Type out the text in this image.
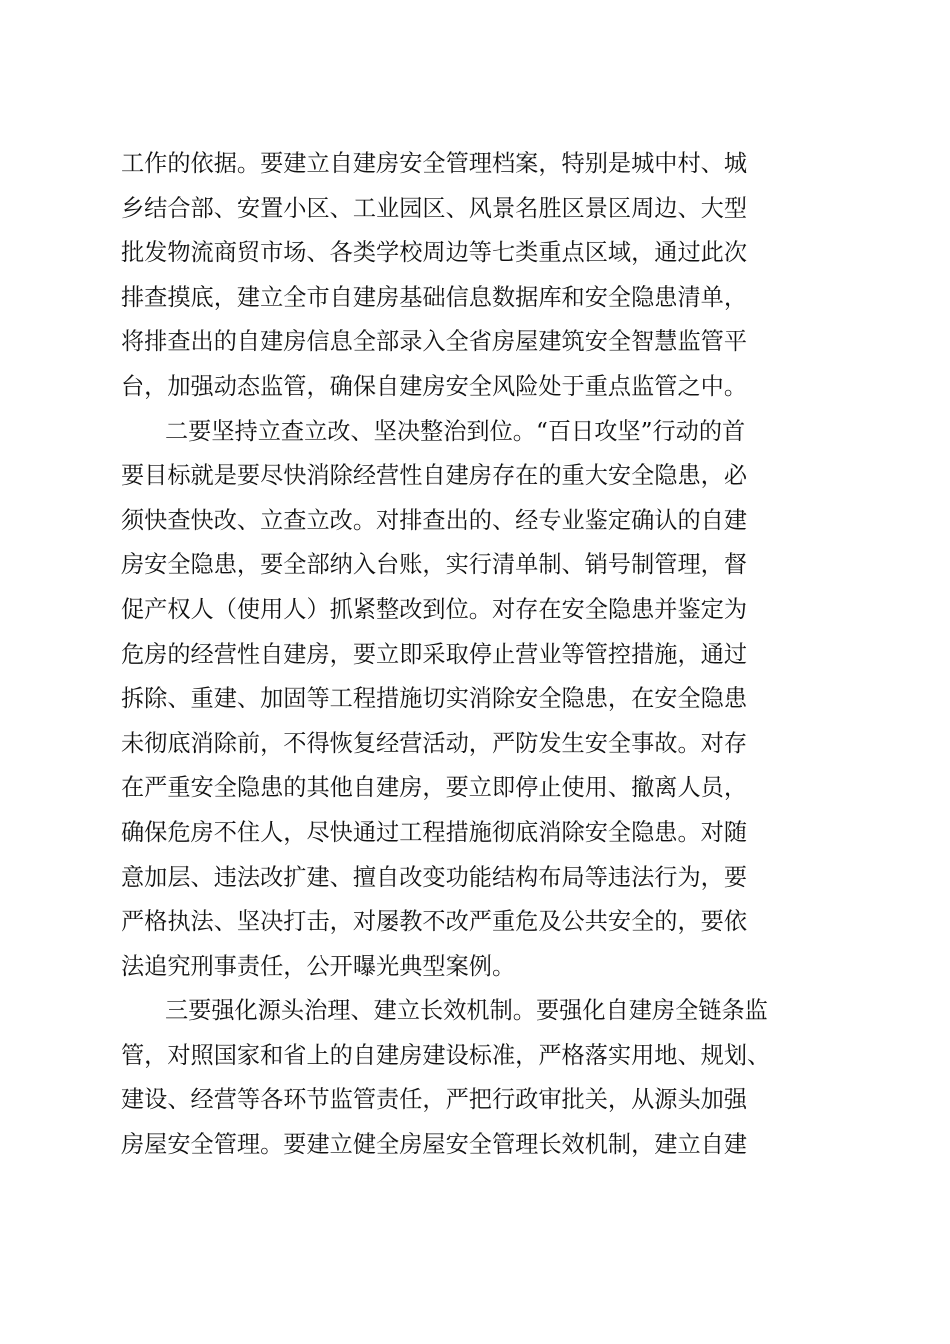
工作的依据。要建立自建房安全管理档案，特别是城中村、城
乡结合部、安置小区、工业园区、风景名胜区景区周边、大型
批发物流商贸市场、各类学校周边等七类重点区域，通过此次
排查摸底，建立全市自建房基础信息数据库和安全隐患清单，
将排查出的自建房信息全部录入全省房屋建筑安全智慧监管平
台，加强动态监管，确保自建房安全风险处于重点监管之中。
二要坚持立查立改、坚决整治到位。“百日攻坚”行动的首
要目标就是要尽快消除经营性自建房存在的重大安全隐患，必
须快查快改、立查立改。对排查出的、经专业鉴定确认的自建
房安全隐患，要全部纳入台账，实行清单制、销号制管理，督
促产权人（使用人）抓紧整改到位。对存在安全隐患并鉴定为
危房的经营性自建房，要立即采取停止营业等管控措施，通过
拆除、重建、加固等工程措施切实消除安全隐患，在安全隐患
未彻底消除前，不得恢复经营活动，严防发生安全事故。对存
在严重安全隐患的其他自建房，要立即停止使用、撤离人员，
确保危房不住人，尽快通过工程措施彻底消除安全隐患。对随
意加层、违法改扩建、擅自改变功能结构布局等违法行为，要
严格执法、坚决打击，对屡教不改严重危及公共安全的，要依
法追究刑事责任，公开曝光典型案例。
三要强化源头治理、建立长效机制。要强化自建房全链条监
管，对照国家和省上的自建房建设标准，严格落实用地、规划、
建设、经营等各环节监管责任，严把行政审批关，从源头加强
房屋安全管理。要建立健全房屋安全管理长效机制，建立自建
